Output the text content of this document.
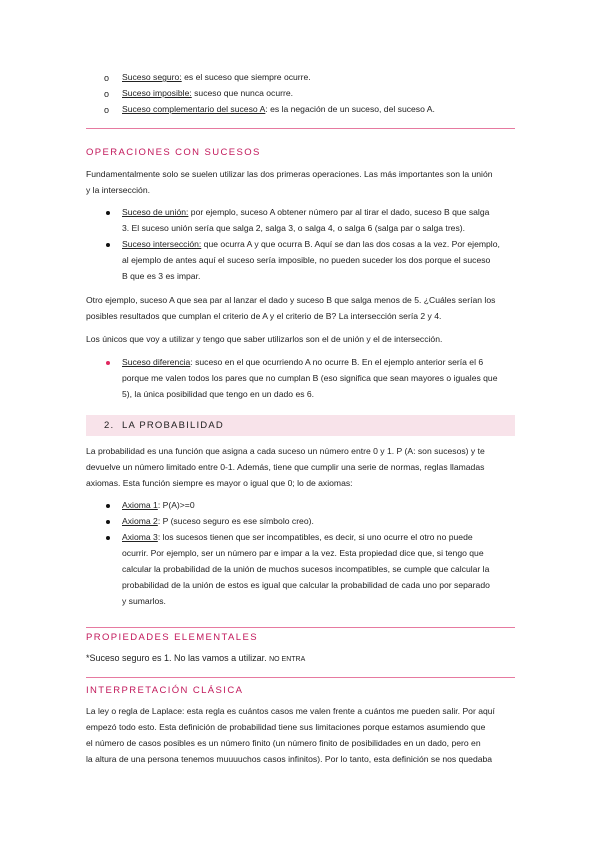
o Suceso seguro: es el suceso que siempre ocurre.
o Suceso imposible: suceso que nunca ocurre.
o Suceso complementario del suceso A: es la negación de un suceso, del suceso A.
OPERACIONES CON SUCESOS
Fundamentalmente solo se suelen utilizar las dos primeras operaciones. Las más importantes son la unión
y la intersección.
Suceso de unión: por ejemplo, suceso A obtener número par al tirar el dado, suceso B que salga
3. El suceso unión sería que salga 2, salga 3, o salga 4, o salga 6 (salga par o salga tres).
Suceso intersección: que ocurra A y que ocurra B. Aquí se dan las dos cosas a la vez. Por ejemplo,
al ejemplo de antes aquí el suceso sería imposible, no pueden suceder los dos porque el suceso
B que es 3 es impar.
Otro ejemplo, suceso A que sea par al lanzar el dado y suceso B que salga menos de 5. ¿Cuáles serían los
posibles resultados que cumplan el criterio de A y el criterio de B? La intersección sería 2 y 4.
Los únicos que voy a utilizar y tengo que saber utilizarlos son el de unión y el de intersección.
Suceso diferencia: suceso en el que ocurriendo A no ocurre B. En el ejemplo anterior sería el 6
porque me valen todos los pares que no cumplan B (eso significa que sean mayores o iguales que
5), la única posibilidad que tengo en un dado es 6.
2. LA PROBABILIDAD
La probabilidad es una función que asigna a cada suceso un número entre 0 y 1. P (A: son sucesos) y te
devuelve un número limitado entre 0-1. Además, tiene que cumplir una serie de normas, reglas llamadas
axiomas. Esta función siempre es mayor o igual que 0; lo de axiomas:
Axioma 1: P(A)>=0
Axioma 2: P (suceso seguro es ese símbolo creo).
Axioma 3: los sucesos tienen que ser incompatibles, es decir, si uno ocurre el otro no puede
ocurrir. Por ejemplo, ser un número par e impar a la vez. Esta propiedad dice que, si tengo que
calcular la probabilidad de la unión de muchos sucesos incompatibles, se cumple que calcular la
probabilidad de la unión de estos es igual que calcular la probabilidad de cada uno por separado
y sumarlos.
PROPIEDADES ELEMENTALES
*Suceso seguro es 1. No las vamos a utilizar. NO ENTRA
INTERPRETACIÓN CLÁSICA
La ley o regla de Laplace: esta regla es cuántos casos me valen frente a cuántos me pueden salir. Por aquí
empezó todo esto. Esta definición de probabilidad tiene sus limitaciones porque estamos asumiendo que
el número de casos posibles es un número finito (un número finito de posibilidades en un dado, pero en
la altura de una persona tenemos muuuuchos casos infinitos). Por lo tanto, esta definición se nos quedaba
